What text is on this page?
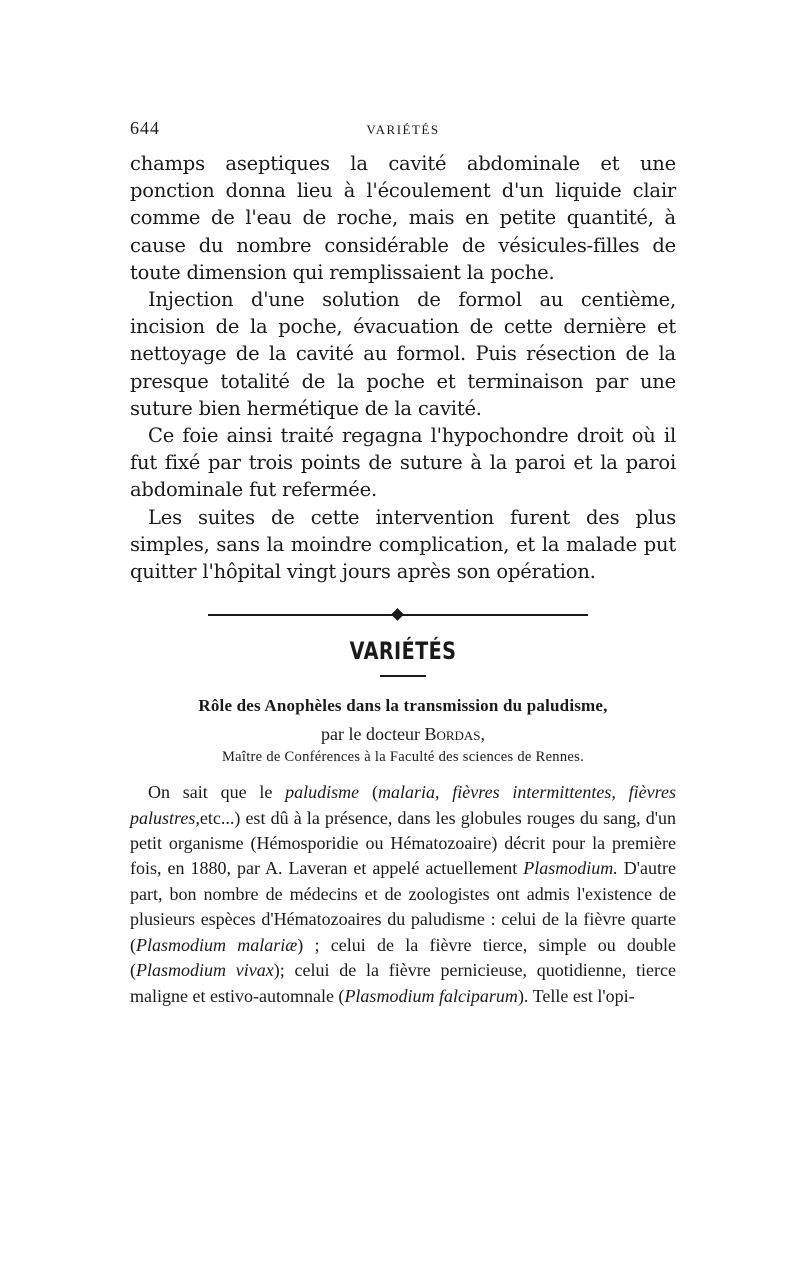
644	VARIÉTÉS

champs aseptiques la cavité abdominale et une ponction donna lieu à l'écoulement d'un liquide clair comme de l'eau de roche, mais en petite quantité, à cause du nombre considérable de vésicules-filles de toute dimension qui remplissaient la poche.

Injection d'une solution de formol au centième, incision de la poche, évacuation de cette dernière et nettoyage de la cavité au formol. Puis résection de la presque totalité de la poche et terminaison par une suture bien hermétique de la cavité.

Ce foie ainsi traité regagna l'hypochondre droit où il fut fixé par trois points de suture à la paroi et la paroi abdominale fut refermée.

Les suites de cette intervention furent des plus simples, sans la moindre complication, et la malade put quitter l'hôpital vingt jours après son opération.

VARIÉTÉS
Rôle des Anophèles dans la transmission du paludisme,
par le docteur Bordas,
Maître de Conférences à la Faculté des sciences de Rennes.

On sait que le paludisme (malaria, fièvres intermittentes, fièvres palustres,etc...) est dû à la présence, dans les globules rouges du sang, d'un petit organisme (Hémosporidie ou Hématozoaire) décrit pour la première fois, en 1880, par A. Laveran et appelé actuellement Plasmodium. D'autre part, bon nombre de médecins et de zoologistes ont admis l'existence de plusieurs espèces d'Hématozoaires du paludisme : celui de la fièvre quarte (Plasmodium malariæ) ; celui de la fièvre tierce, simple ou double (Plasmodium vivax); celui de la fièvre pernicieuse, quotidienne, tierce maligne et estivo-automnale (Plasmodium falciparum). Telle est l'opi-
